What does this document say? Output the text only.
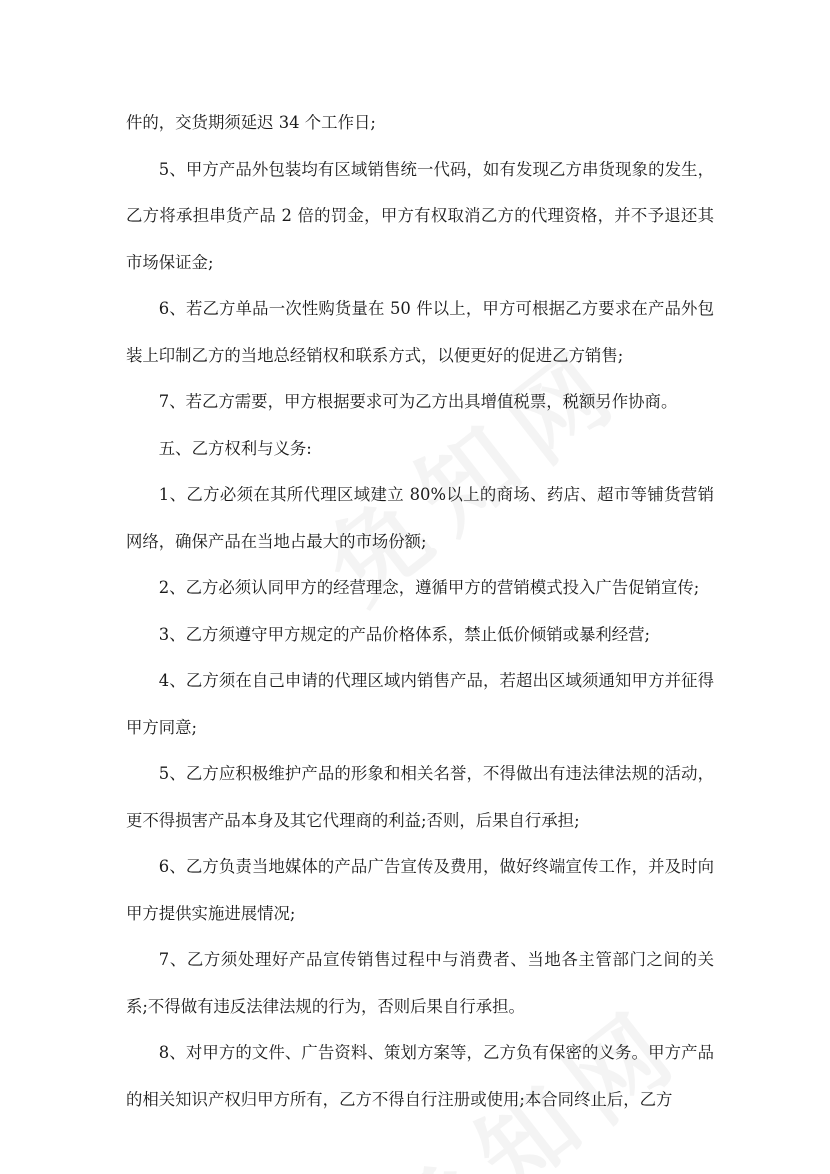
件的，交货期须延迟 34 个工作日;

5、甲方产品外包装均有区域销售统一代码，如有发现乙方串货现象的发生，乙方将承担串货产品 2 倍的罚金，甲方有权取消乙方的代理资格，并不予退还其市场保证金;

6、若乙方单品一次性购货量在 50 件以上，甲方可根据乙方要求在产品外包装上印制乙方的当地总经销权和联系方式，以便更好的促进乙方销售;

7、若乙方需要，甲方根据要求可为乙方出具增值税票，税额另作协商。

五、乙方权利与义务:

1、乙方必须在其所代理区域建立 80%以上的商场、药店、超市等铺货营销网络，确保产品在当地占最大的市场份额;

2、乙方必须认同甲方的经营理念，遵循甲方的营销模式投入广告促销宣传;

3、乙方须遵守甲方规定的产品价格体系，禁止低价倾销或暴利经营;

4、乙方须在自己申请的代理区域内销售产品，若超出区域须通知甲方并征得甲方同意;

5、乙方应积极维护产品的形象和相关名誉，不得做出有违法律法规的活动，更不得损害产品本身及其它代理商的利益;否则，后果自行承担;

6、乙方负责当地媒体的产品广告宣传及费用，做好终端宣传工作，并及时向甲方提供实施进展情况;

7、乙方须处理好产品宣传销售过程中与消费者、当地各主管部门之间的关系;不得做有违反法律法规的行为，否则后果自行承担。

8、对甲方的文件、广告资料、策划方案等，乙方负有保密的义务。甲方产品的相关知识产权归甲方所有，乙方不得自行注册或使用;本合同终止后，乙方
